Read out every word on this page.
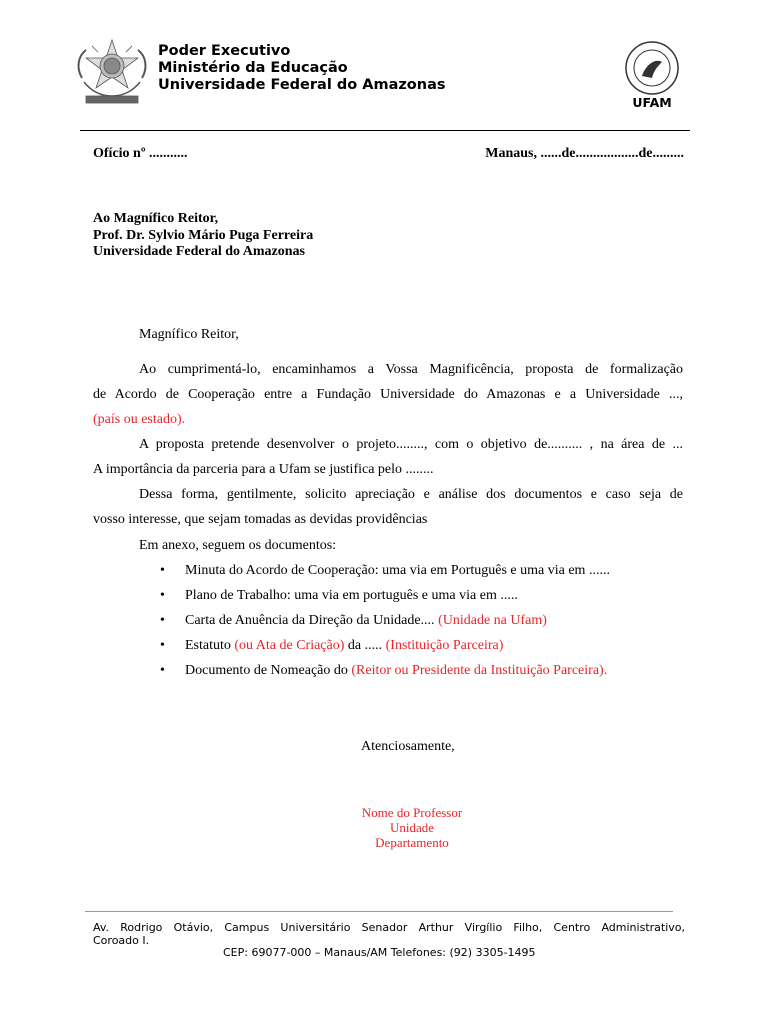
Poder Executivo
Ministério da Educação
Universidade Federal do Amazonas
UFAM
Ofício nº ...........	Manaus, ......de..................de.........
Ao Magnífico Reitor,
Prof. Dr. Sylvio Mário Puga Ferreira
Universidade Federal do Amazonas
Magnífico Reitor,
Ao cumprimentá-lo, encaminhamos a Vossa Magnificência, proposta de formalização
de Acordo de Cooperação entre a Fundação Universidade do Amazonas e a Universidade ...,
(país ou estado).
A proposta pretende desenvolver o projeto........, com o objetivo de.......... , na área de ...
A importância da parceria para a Ufam se justifica pelo ........
Dessa forma, gentilmente, solicito apreciação e análise dos documentos e caso seja de
vosso interesse, que sejam tomadas as devidas providências
Em anexo, seguem os documentos:
• Minuta do Acordo de Cooperação: uma via em Português e uma via em ......
• Plano de Trabalho: uma via em português e uma via em .....
• Carta de Anuência da Direção da Unidade.... (Unidade na Ufam)
• Estatuto (ou Ata de Criação) da ..... (Instituição Parceira)
• Documento de Nomeação do (Reitor ou Presidente da Instituição Parceira).
Atenciosamente,
Nome do Professor
Unidade
Departamento
Av. Rodrigo Otávio, Campus Universitário Senador Arthur Virgílio Filho, Centro Administrativo,
Coroado I.
CEP: 69077-000 – Manaus/AM Telefones: (92) 3305-1495
